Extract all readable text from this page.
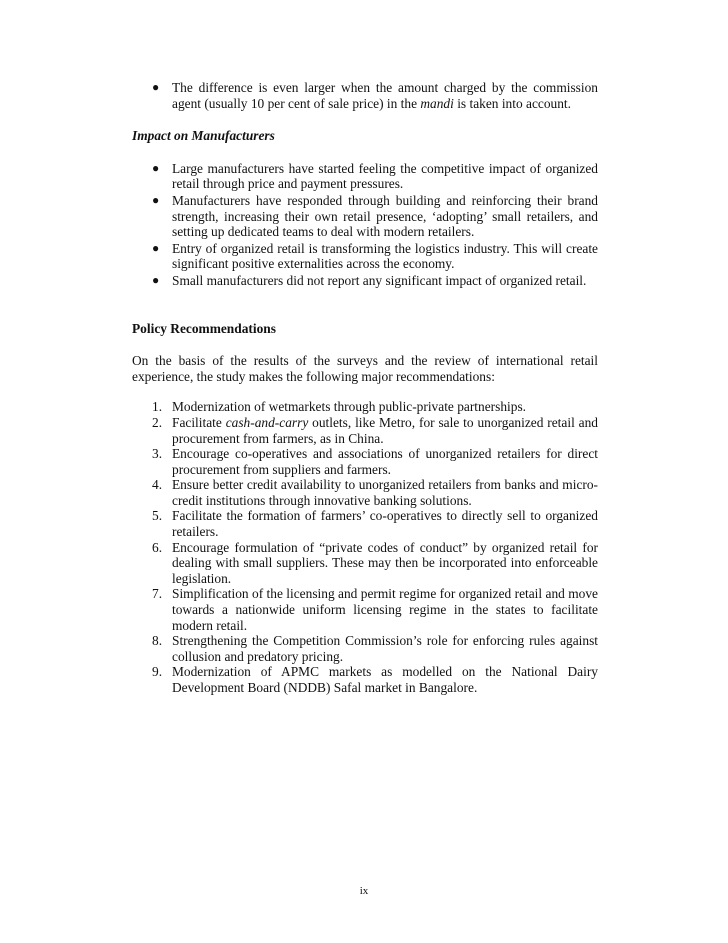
● The difference is even larger when the amount charged by the commission agent (usually 10 per cent of sale price) in the mandi is taken into account.
Impact on Manufacturers
● Large manufacturers have started feeling the competitive impact of organized retail through price and payment pressures.
● Manufacturers have responded through building and reinforcing their brand strength, increasing their own retail presence, ‘adopting’ small retailers, and setting up dedicated teams to deal with modern retailers.
● Entry of organized retail is transforming the logistics industry. This will create significant positive externalities across the economy.
● Small manufacturers did not report any significant impact of organized retail.
Policy Recommendations

On the basis of the results of the surveys and the review of international retail experience, the study makes the following major recommendations:

1. Modernization of wetmarkets through public-private partnerships.
2. Facilitate cash-and-carry outlets, like Metro, for sale to unorganized retail and procurement from farmers, as in China.
3. Encourage co-operatives and associations of unorganized retailers for direct procurement from suppliers and farmers.
4. Ensure better credit availability to unorganized retailers from banks and micro-credit institutions through innovative banking solutions.
5. Facilitate the formation of farmers’ co-operatives to directly sell to organized retailers.
6. Encourage formulation of “private codes of conduct” by organized retail for dealing with small suppliers. These may then be incorporated into enforceable legislation.
7. Simplification of the licensing and permit regime for organized retail and move towards a nationwide uniform licensing regime in the states to facilitate modern retail.
8. Strengthening the Competition Commission’s role for enforcing rules against collusion and predatory pricing.
9. Modernization of APMC markets as modelled on the National Dairy Development Board (NDDB) Safal market in Bangalore.
ix
